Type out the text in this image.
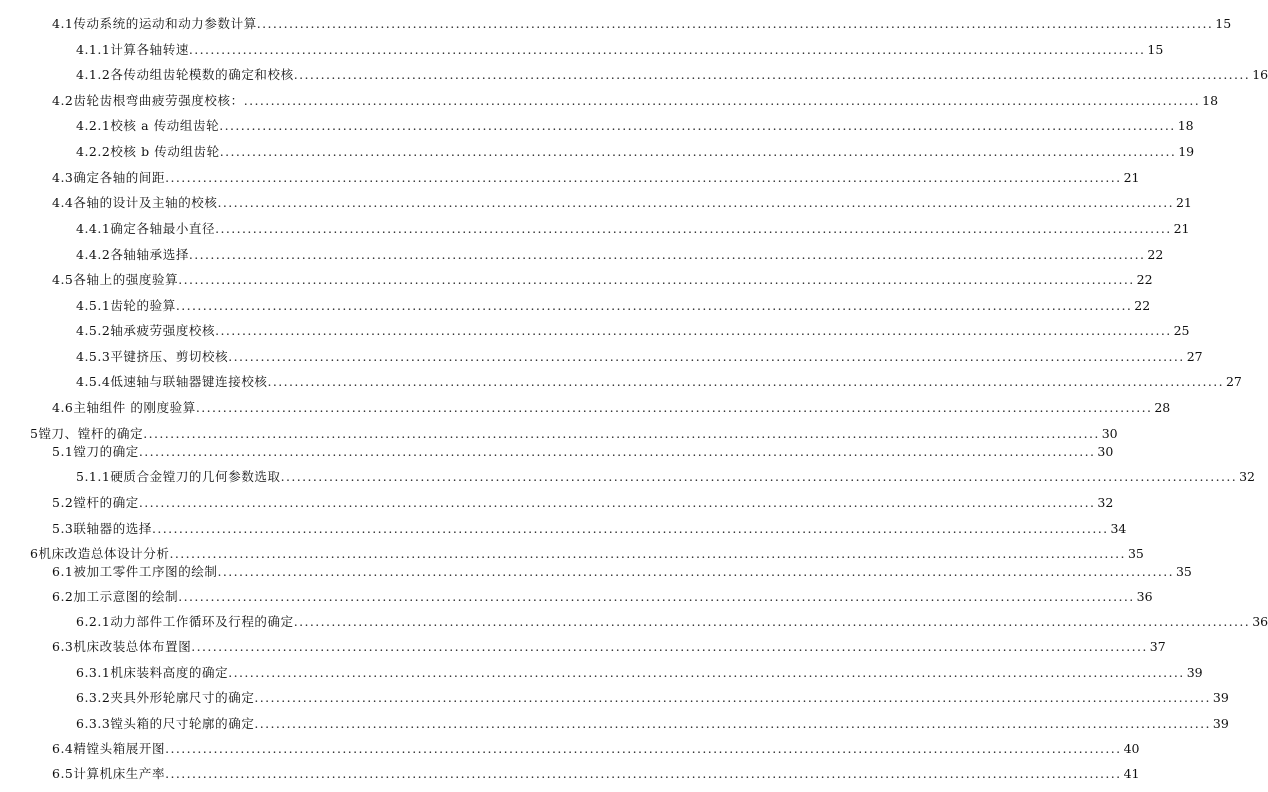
4.1 传动系统的运动和动力参数计算 .................................................................................................................................................................................. 15
4.1.1 计算各轴转速 .................................................................................................................................................................................. 15
4.1.2 各传动组齿轮模数的确定和校核 .................................................................................................................................................................................. 16
4.2 齿轮齿根弯曲疲劳强度校核： .................................................................................................................................................................................. 18
4.2.1 校核 a 传动组齿轮 .................................................................................................................................................................................. 18
4.2.2 校核 b 传动组齿轮 .................................................................................................................................................................................. 19
4.3 确定各轴的间距 .................................................................................................................................................................................. 21
4.4 各轴的设计及主轴的校核 .................................................................................................................................................................................. 21
4.4.1 确定各轴最小直径 .................................................................................................................................................................................. 21
4.4.2 各轴轴承选择 .................................................................................................................................................................................. 22
4.5 各轴上的强度验算 .................................................................................................................................................................................. 22
4.5.1 齿轮的验算 .................................................................................................................................................................................. 22
4.5.2 轴承疲劳强度校核 .................................................................................................................................................................................. 25
4.5.3 平键挤压、剪切校核 .................................................................................................................................................................................. 27
4.5.4 低速轴与联轴器键连接校核 .................................................................................................................................................................................. 27
4.6 主轴组件 的刚度验算 .................................................................................................................................................................................. 28
5 镗刀、镗杆的确定 .................................................................................................................................................................................. 30
5.1 镗刀的确定 .................................................................................................................................................................................. 30
5.1.1 硬质合金镗刀的几何参数选取 .................................................................................................................................................................................. 32
5.2 镗杆的确定 .................................................................................................................................................................................. 32
5.3 联轴器的选择 .................................................................................................................................................................................. 34
6 机床改造总体设计分析 .................................................................................................................................................................................. 35
6.1 被加工零件工序图的绘制 .................................................................................................................................................................................. 35
6.2 加工示意图的绘制 .................................................................................................................................................................................. 36
6.2.1 动力部件工作循环及行程的确定 .................................................................................................................................................................................. 36
6.3 机床改装总体布置图 .................................................................................................................................................................................. 37
6.3.1 机床装料高度的确定 .................................................................................................................................................................................. 39
6.3.2 夹具外形轮廓尺寸的确定 .................................................................................................................................................................................. 39
6.3.3 镗头箱的尺寸轮廓的确定 .................................................................................................................................................................................. 39
6.4 精镗头箱展开图 .................................................................................................................................................................................. 40
6.5 计算机床生产率 .................................................................................................................................................................................. 41
